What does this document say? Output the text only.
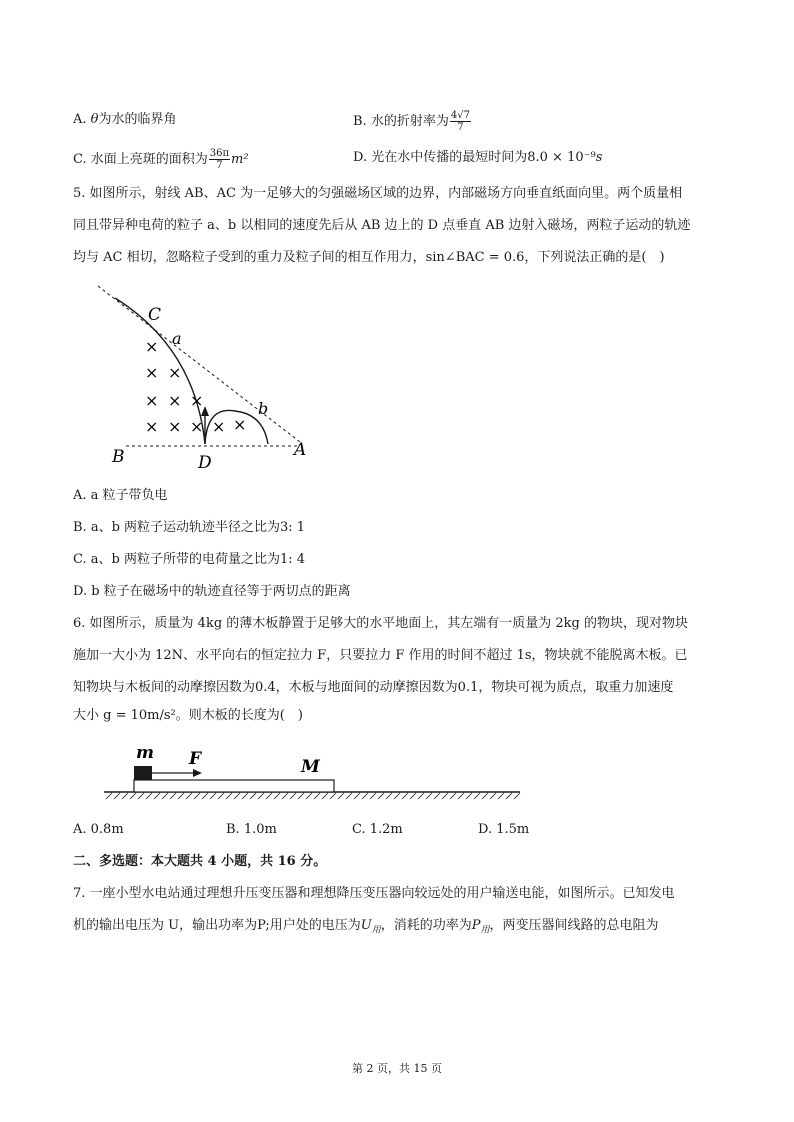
A. θ为水的临界角	B. 水的折射率为 $\frac{4√7}{7}$
C. 水面上亮斑的面积为 $\frac{36\pi}{7} m^2$	D. 光在水中传播的最短时间为8.0 × 10⁻⁹s
5. 如图所示，射线 AB、AC 为一足够大的匀强磁场区域的边界，内部磁场方向垂直纸面向里。两个质量相
同且带异种电荷的粒子 a、b 以相同的速度先后从 AB 边上的 D 点垂直 AB 边射入磁场，两粒子运动的轨迹
均与 AC 相切，忽略粒子受到的重力及粒子间的相互作用力，sin∠BAC = 0.6，下列说法正确的是(　)
×
× ×
× × ×
× × × × ×
C
a
b
A
B	D
A. a 粒子带负电
B. a、b 两粒子运动轨迹半径之比为3: 1
C. a、b 两粒子所带的电荷量之比为1: 4
D. b 粒子在磁场中的轨迹直径等于两切点的距离
6. 如图所示，质量为 4kg 的薄木板静置于足够大的水平地面上，其左端有一质量为 2kg 的物块，现对物块
施加一大小为 12N、水平向右的恒定拉力 F，只要拉力 F 作用的时间不超过 1s，物块就不能脱离木板。已
知物块与木板间的动摩擦因数为0.4，木板与地面间的动摩擦因数为0.1，物块可视为质点，取重力加速度
大小 g = 10m/s²。则木板的长度为(　)
m F	M
A. 0.8m	B. 1.0m	C. 1.2m	D. 1.5m
二、多选题：本大题共 4 小题，共 16 分。
7. 一座小型水电站通过理想升压变压器和理想降压变压器向较远处的用户输送电能，如图所示。已知发电
机的输出电压为 U，输出功率为P;用户处的电压为$U_用$，消耗的功率为$P_用$，两变压器间线路的总电阻为
第 2 页，共 15 页
